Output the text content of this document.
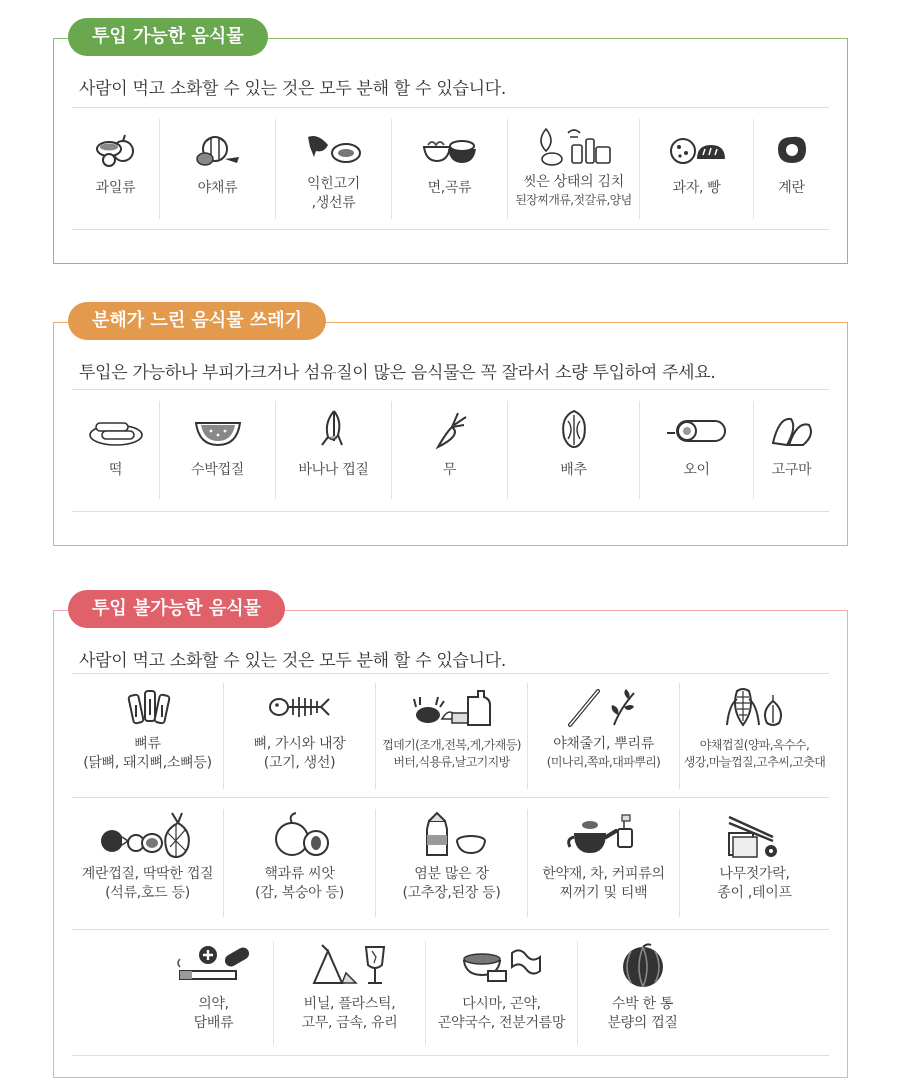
투입 가능한 음식물
사람이 먹고 소화할 수 있는 것은 모두 분해 할 수 있습니다.
과일류	야채류	익힌고기
,생선류
면,곡류	씻은 상태의 김치
된장찌개류,젓갈류,양념
과자, 빵	계란
분해가 느린 음식물 쓰레기
투입은 가능하나 부피가크거나 섬유질이 많은 음식물은 꼭 잘라서 소량 투입하여 주세요.
떡	수박껍질	바나나 껍질	무	배추	오이	고구마
투입 불가능한 음식물
사람이 먹고 소화할 수 있는 것은 모두 분해 할 수 있습니다.
뼈류
(닭뼈, 돼지뼈,소뼈등)
뼈, 가시와 내장
(고기, 생선)
껍데기(조개,전복,게,가재등)
버터,식용류,날고기지방
야채줄기, 뿌리류
(미나리,쪽파,대파뿌리)
야채껍질(양파,옥수수,
생강,마늘껍질,고추씨,고춧대
계란껍질, 딱딱한 껍질
(석류,호드 등)
핵과류 씨앗
(감, 복숭아 등)
염분 많은 장
(고추장,된장 등)
한약재, 차, 커피류의
찌꺼기 및 티백
나무젓가락,
종이 ,테이프
의약,
담배류
비닐, 플라스틱,
고무, 금속, 유리
다시마, 곤약,
곤약국수, 전분거름망
수박 한 통
분량의 껍질
